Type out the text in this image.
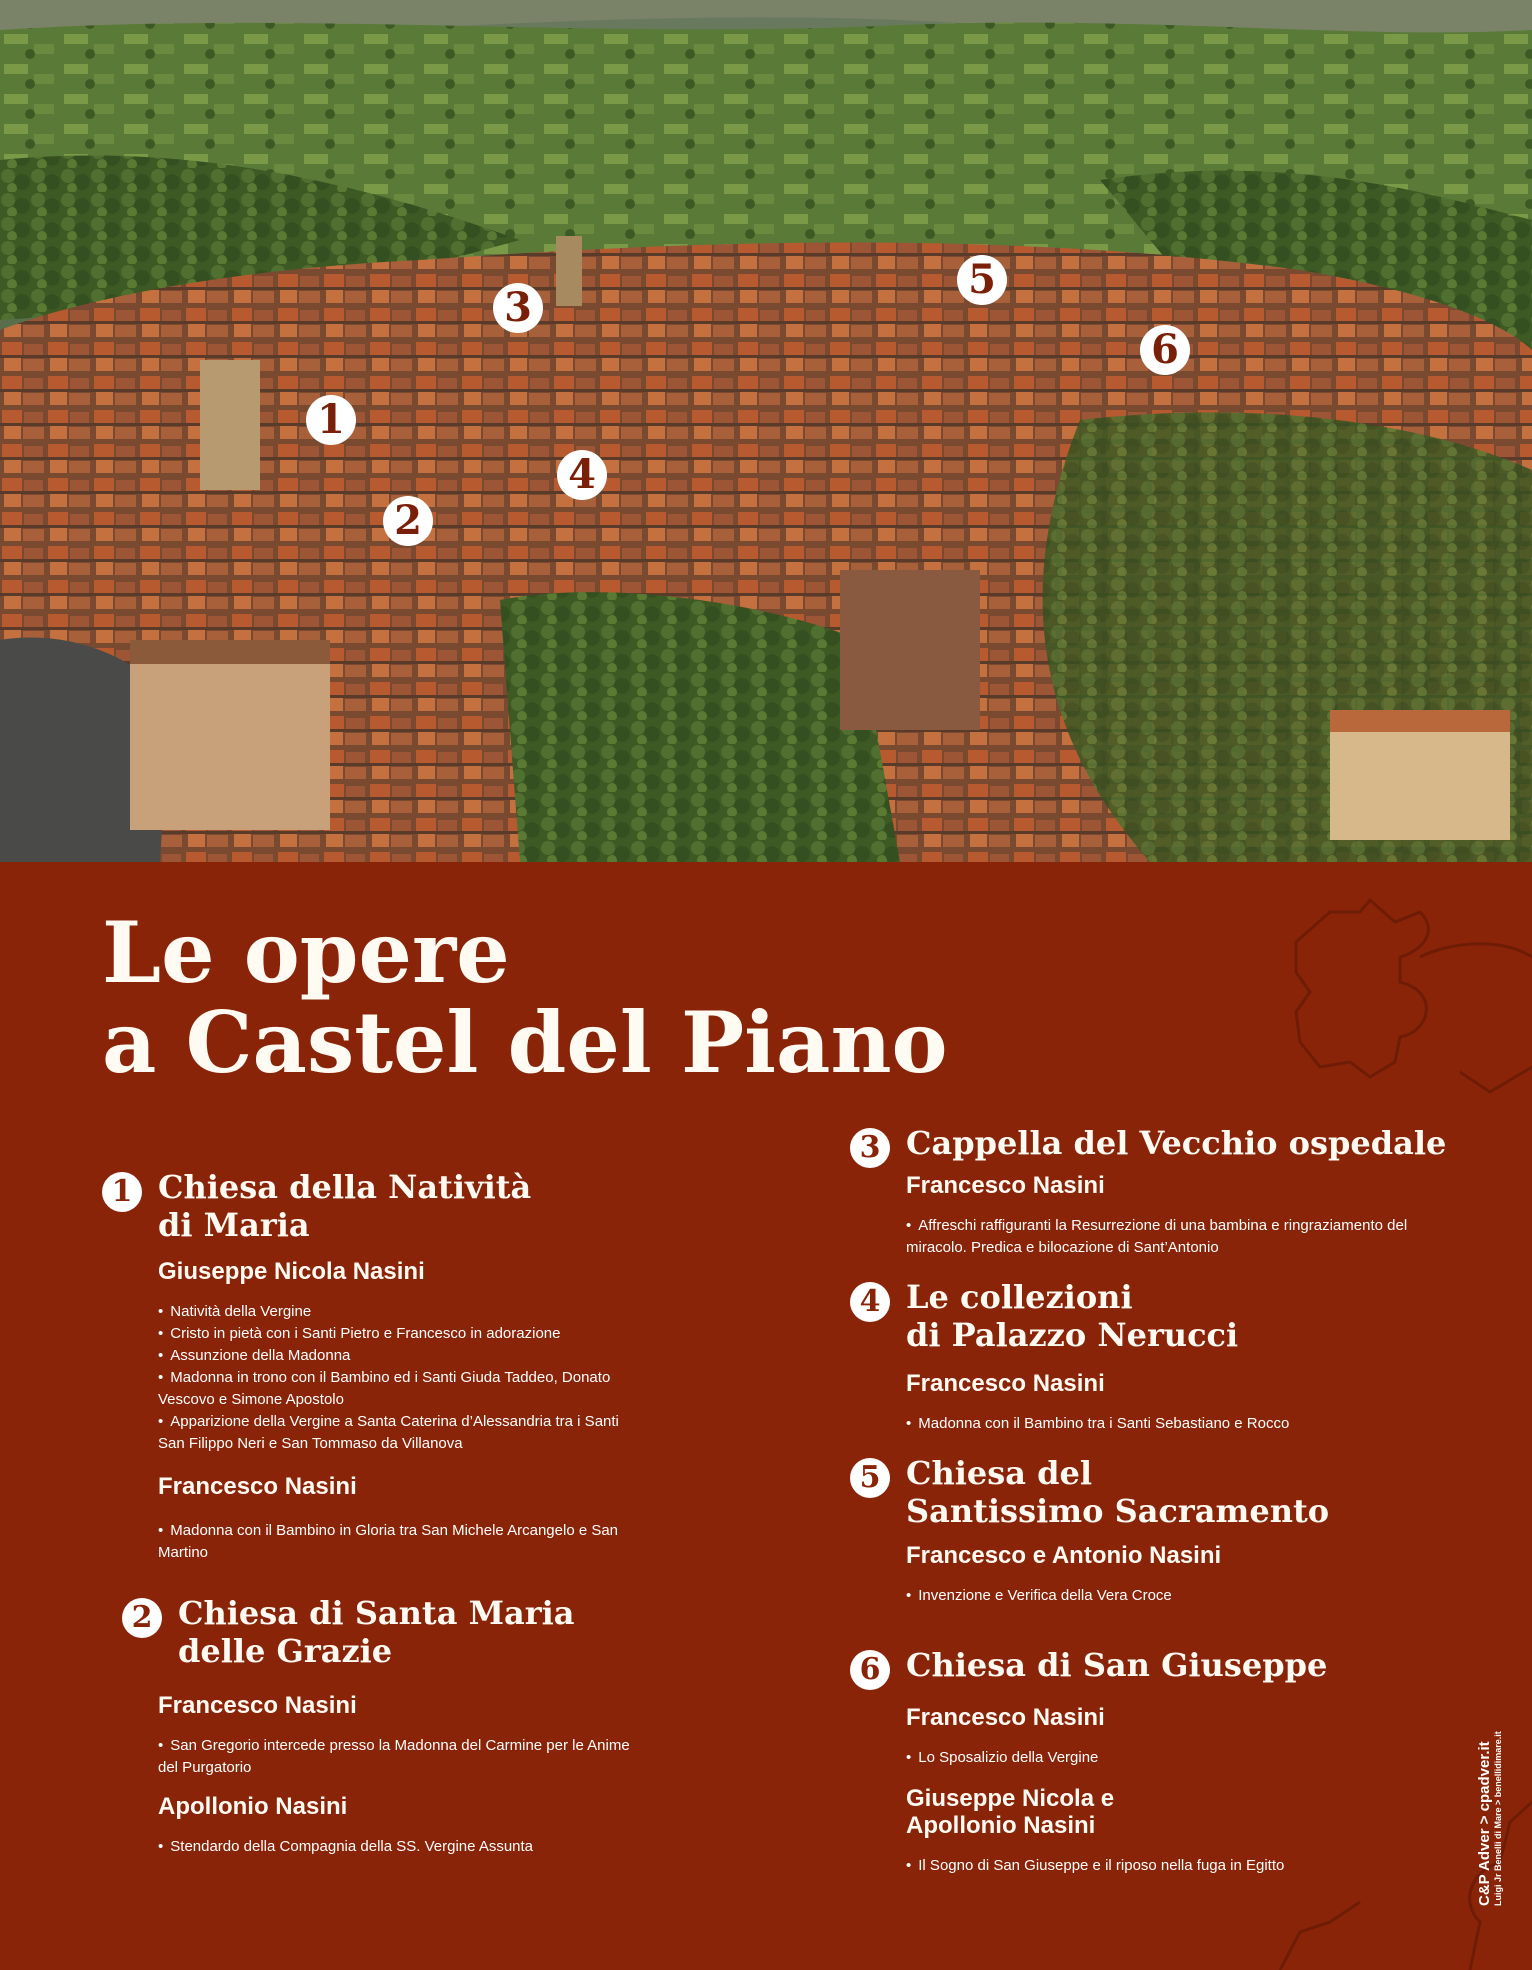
1
2
3
4
5
6
Le opere
a Castel del Piano
1 Chiesa della Natività
di Maria
Giuseppe Nicola Nasini
• Natività della Vergine
• Cristo in pietà con i Santi Pietro e Francesco in adorazione
• Assunzione della Madonna
• Madonna in trono con il Bambino ed i Santi Giuda Taddeo, Donato Vescovo e Simone Apostolo
• Apparizione della Vergine a Santa Caterina d’Alessandria tra i Santi San Filippo Neri e San Tommaso da Villanova
Francesco Nasini
• Madonna con il Bambino in Gloria tra San Michele Arcangelo e San Martino
2 Chiesa di Santa Maria
delle Grazie
Francesco Nasini
• San Gregorio intercede presso la Madonna del Carmine per le Anime del Purgatorio
Apollonio Nasini
• Stendardo della Compagnia della SS. Vergine Assunta
3 Cappella del Vecchio ospedale
Francesco Nasini
• Affreschi raffiguranti la Resurrezione di una bambina e ringraziamento del miracolo. Predica e bilocazione di Sant’Antonio
4 Le collezioni
di Palazzo Nerucci
Francesco Nasini
• Madonna con il Bambino tra i Santi Sebastiano e Rocco
5 Chiesa del
Santissimo Sacramento
Francesco e Antonio Nasini
• Invenzione e Verifica della Vera Croce
6 Chiesa di San Giuseppe
Francesco Nasini
• Lo Sposalizio della Vergine
Giuseppe Nicola e Apollonio Nasini
• Il Sogno di San Giuseppe e il riposo nella fuga in Egitto	C&P Adver > cpadver.it Luigi Jr Benelli di Mare > benellidimare.it
